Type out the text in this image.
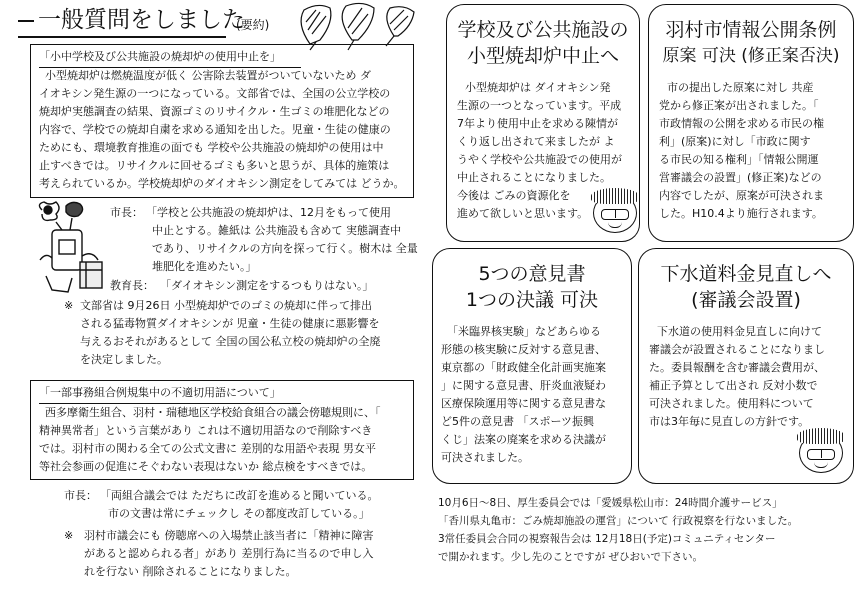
一般質問をしました
(要約)
「小中学校及び公共施設の焼却炉の使用中止を」
小型焼却炉は燃焼温度が低く 公害除去装置がついていないため ダ
イオキシン発生源の一つになっている。文部省では、全国の公立学校の
焼却炉実態調査の結果、資源ゴミのリサイクル・生ゴミの堆肥化などの
内容で、学校での焼却自粛を求める通知を出した。児童・生徒の健康の
ためにも、環境教育推進の面でも 学校や公共施設の焼却炉の使用は中
止すべきでは。リサイクルに回せるゴミも多いと思うが、具体的施策は
考えられているか。学校焼却炉のダイオキシン測定をしてみては どうか。
市長： 「学校と公共施設の焼却炉は、12月をもって使用
中止とする。雑紙は 公共施設も含めて 実態調査中
であり、リサイクルの方向を探って行く。樹木は 全量
堆肥化を進めたい。」
教育長： 「ダイオキシン測定をするつもりはない。」
※ 文部省は 9月26日 小型焼却炉でのゴミの焼却に伴って排出
される猛毒物質ダイオキシンが 児童・生徒の健康に悪影響を
与えるおそれがあるとして 全国の国公私立校の焼却炉の全廃
を決定しました。
「一部事務組合例規集中の不適切用語について」
西多摩衛生組合、羽村・瑞穂地区学校給食組合の議会傍聴規則に、「
精神異常者」という言葉があり これは不適切用語なので削除すべき
では。羽村市の関わる全ての公式文書に 差別的な用語や表現 男女平
等社会参画の促進にそぐわない表現はないか 総点検をすべきでは。
市長： 「両組合議会では ただちに改訂を進めると聞いている。
市の文書は常にチェックし その都度改訂している。」
※ 羽村市議会にも 傍聴席への入場禁止該当者に「精神に障害
があると認められる者」があり 差別行為に当るので申し入
れを行ない 削除されることになりました。
学校及び公共施設の
小型焼却炉中止へ
小型焼却炉は ダイオキシン発
生源の一つとなっています。平成
7年より使用中止を求める陳情が
くり返し出されて来ましたが よ
うやく学校や公共施設での使用が
中止されることになりました。
今後は ごみの資源化を
進めて欲しいと思います。
羽村市情報公開条例
原案 可決 (修正案否決)
市の提出した原案に対し 共産
党から修正案が出されました。「
市政情報の公開を求める市民の権
利」(原案)に対し「市政に関す
る市民の知る権利」「情報公開運
営審議会の設置」(修正案)などの
内容でしたが、原案が可決されま
した。H10.4より施行されます。
5つの意見書
1つの決議 可決
「米臨界核実験」などあらゆる
形態の核実験に反対する意見書、
東京都の「財政健全化計画実施案
」に関する意見書、肝炎血液疑わ
区療保険運用等に関する意見書な
ど5件の意見書 「スポーツ振興
くじ」法案の廃案を求める決議が
可決されました。
下水道料金見直しへ
(審議会設置)
下水道の使用料金見直しに向けて
審議会が設置されることになりまし
た。委員報酬を含む審議会費用が、
補正予算として出され 反対小数で
可決されました。使用料について
市は3年毎に見直しの方針です。
10月6日～8日、厚生委員会では「愛媛県松山市：24時間介護サービス」
「香川県丸亀市：ごみ焼却施設の運営」について 行政視察を行ないました。
3常任委員会合同の視察報告会は 12月18日(予定)コミュニティセンター
で開かれます。少し先のことですが ぜひおいで下さい。
